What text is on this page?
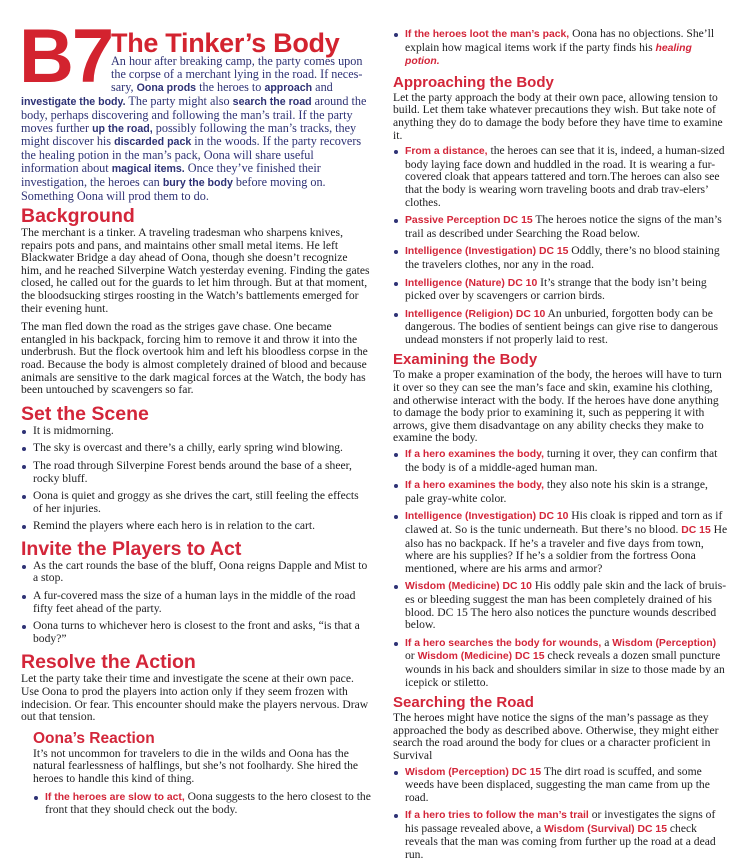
B7
The Tinker’s Body
An hour after breaking camp, the party comes upon the corpse of a merchant lying in the road. If neces-sary, Oona prods the heroes to approach and investigate the body. The party might also search the road around the body, perhaps discovering and following the man’s trail. If the party moves further up the road, possibly following the man’s tracks, they might discover his discarded pack in the woods. If the party recovers the healing potion in the man’s pack, Oona will share useful information about magical items. Once they’ve finished their investigation, the heroes can bury the body before moving on. Something Oona will prod them to do.
Background

The merchant is a tinker. A traveling tradesman who sharpens knives, repairs pots and pans, and maintains other small metal items. He left Blackwater Bridge a day ahead of Oona, though she doesn’t recognize him, and he reached Silverpine Watch yesterday evening. Finding the gates closed, he called out for the guards to let him through. But at that moment, the bloodsucking stirges roosting in the Watch’s battlements emerged for their evening hunt.

The man fled down the road as the striges gave chase. One became entangled in his backpack, forcing him to remove it and throw it into the underbrush. But the flock overtook him and left his bloodless corpse in the road. Because the body is almost completely drained of blood and because animals are sensitive to the dark magical forces at the Watch, the body has been untouched by scavengers so far.

Set the Scene
It is midmorning.
The sky is overcast and there’s a chilly, early spring wind blowing.
The road through Silverpine Forest bends around the base of a sheer, rocky bluff.
Oona is quiet and groggy as she drives the cart, still feeling the effects of her injuries.
Remind the players where each hero is in relation to the cart.
Invite the Players to Act
As the cart rounds the base of the bluff, Oona reigns Dapple and Mist to a stop.
A fur-covered mass the size of a human lays in the middle of the road fifty feet ahead of the party.
Oona turns to whichever hero is closest to the front and asks, “is that a body?”
Resolve the Action

Let the party take their time and investigate the scene at their own pace. Use Oona to prod the players into action only if they seem frozen with indecision. Or fear. This encounter should make the players nervous. Draw out that tension.

Oona’s Reaction

It’s not uncommon for travelers to die in the wilds and Oona has the natural fearlessness of halflings, but she’s not foolhardy. She hired the heroes to handle this kind of thing.

If the heroes are slow to act, Oona suggests to the hero closest to the front that they should check out the body.
If the heroes loot the man’s pack, Oona has no objections. She’ll explain how magical items work if the party finds his healing potion.
Approaching the Body

Let the party approach the body at their own pace, allowing tension to build. Let them take whatever precautions they wish. But take note of anything they do to damage the body before they have time to examine it.

From a distance, the heroes can see that it is, indeed, a human-sized body laying face down and huddled in the road. It is wearing a fur-covered cloak that appears tattered and torn.The heroes can also see that the body is wearing worn traveling boots and drab trav-elers’ clothes.
Passive Perception DC 15 The heroes notice the signs of the man’s trail as described under Searching the Road below.
Intelligence (Investigation) DC 15 Oddly, there’s no blood staining the travelers clothes, nor any in the road.
Intelligence (Nature) DC 10 It’s strange that the body isn’t being picked over by scavengers or carrion birds.
Intelligence (Religion) DC 10 An unburied, forgotten body can be dangerous. The bodies of sentient beings can give rise to dangerous undead monsters if not properly laid to rest.
Examining the Body

To make a proper examination of the body, the heroes will have to turn it over so they can see the man’s face and skin, examine his clothing, and otherwise interact with the body. If the heroes have done anything to damage the body prior to examining it, such as peppering it with arrows, give them disadvantage on any ability checks they make to examine the body.

If a hero examines the body, turning it over, they can confirm that the body is of a middle-aged human man.
If a hero examines the body, they also note his skin is a strange, pale gray-white color.
Intelligence (Investigation) DC 10 His cloak is ripped and torn as if clawed at. So is the tunic underneath. But there’s no blood. DC 15 He also has no backpack. If he’s a traveler and five days from town, where are his supplies? If he’s a soldier from the fortress Oona mentioned, where are his arms and armor?
Wisdom (Medicine) DC 10 His oddly pale skin and the lack of bruis-es or bleeding suggest the man has been completely drained of his blood. DC 15 The hero also notices the puncture wounds described below.
If a hero searches the body for wounds, a Wisdom (Perception) or Wisdom (Medicine) DC 15 check reveals a dozen small puncture wounds in his back and shoulders similar in size to those made by an icepick or stiletto.
Searching the Road

The heroes might have notice the signs of the man’s passage as they approached the body as described above. Otherwise, they might either search the road around the body for clues or a character proficient in Survival

Wisdom (Perception) DC 15 The dirt road is scuffed, and some weeds have been displaced, suggesting the man came from up the road.
If a hero tries to follow the man’s trail or investigates the signs of his passage revealed above, a Wisdom (Survival) DC 15 check reveals that the man was coming from further up the road at a dead run.
